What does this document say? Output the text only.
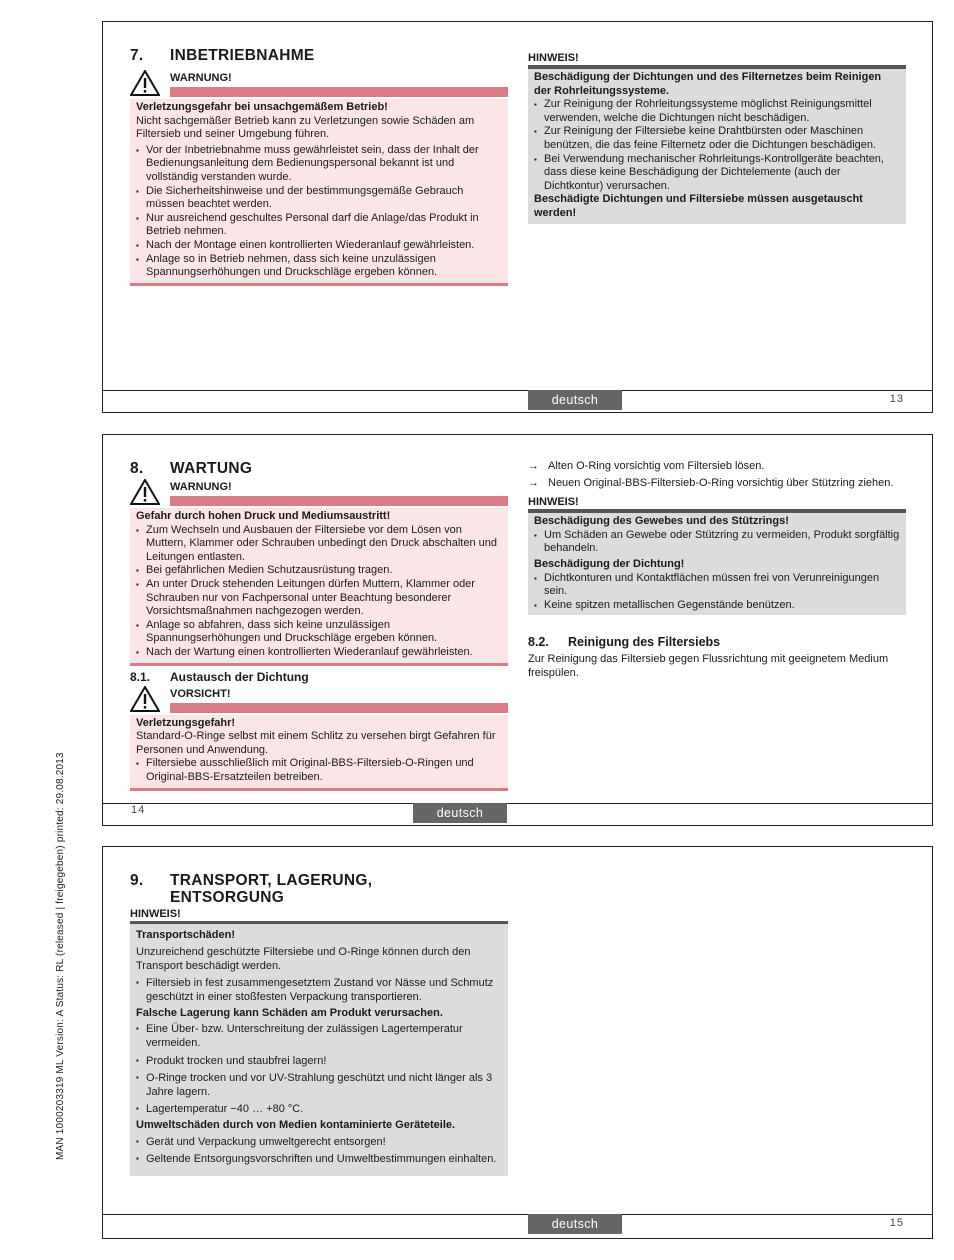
MAN 1000203319 ML Version: A Status: RL (released | freigegeben) printed: 29.08.2013
7. INBETRIEBNAHME
WARNUNG!
Verletzungsgefahr bei unsachgemäßem Betrieb!

Nicht sachgemäßer Betrieb kann zu Verletzungen sowie Schäden am Filtersieb und seiner Umgebung führen.

▪ Vor der Inbetriebnahme muss gewährleistet sein, dass der Inhalt der Bedienungsanleitung dem Bedienungspersonal bekannt ist und vollständig verstanden wurde.
▪ Die Sicherheitshinweise und der bestimmungsgemäße Gebrauch müssen beachtet werden.
▪ Nur ausreichend geschultes Personal darf die Anlage/das Produkt in Betrieb nehmen.
▪ Nach der Montage einen kontrollierten Wiederanlauf gewährleisten.
▪ Anlage so in Betrieb nehmen, dass sich keine unzulässigen Spannungserhöhungen und Druckschläge ergeben können.

HINWEIS!

Beschädigung der Dichtungen und des Filternetzes beim Reinigen der Rohrleitungssysteme.
▪ Zur Reinigung der Rohrleitungssysteme möglichst Reinigungsmittel verwenden, welche die Dichtungen nicht beschädigen.
▪ Zur Reinigung der Filtersiebe keine Drahtbürsten oder Maschinen benützen, die das feine Filternetz oder die Dichtungen beschädigen.
▪ Bei Verwendung mechanischer Rohrleitungs-Kontrollgeräte beachten, dass diese keine Beschädigung der Dichtelemente (auch der Dichtkontur) verursachen.
Beschädigte Dichtungen und Filtersiebe müssen ausgetauscht werden!
deutsch	13
8. WARTUNG
WARNUNG!
Gefahr durch hohen Druck und Mediumsaustritt!
▪ Zum Wechseln und Ausbauen der Filtersiebe vor dem Lösen von Muttern, Klammer oder Schrauben unbedingt den Druck abschalten und Leitungen entlasten.
▪ Bei gefährlichen Medien Schutzausrüstung tragen.
▪ An unter Druck stehenden Leitungen dürfen Muttern, Klammer oder Schrauben nur von Fachpersonal unter Beachtung besonderer Vorsichtsmaßnahmen nachgezogen werden.
▪ Anlage so abfahren, dass sich keine unzulässigen Spannungserhöhungen und Druckschläge ergeben können.
▪ Nach der Wartung einen kontrollierten Wiederanlauf gewährleisten.
8.1. Austausch der Dichtung
VORSICHT!
Verletzungsgefahr!

Standard-O-Ringe selbst mit einem Schlitz zu versehen birgt Gefahren für Personen und Anwendung.

▪ Filtersiebe ausschließlich mit Original-BBS-Filtersieb-O-Ringen und Original-BBS-Ersatzteilen betreiben.
→ Alten O-Ring vorsichtig vom Filtersieb lösen.
→ Neuen Original-BBS-Filtersieb-O-Ring vorsichtig über Stützring ziehen.

HINWEIS!

Beschädigung des Gewebes und des Stützrings!
▪ Um Schäden an Gewebe oder Stützring zu vermeiden, Produkt sorgfältig behandeln.
Beschädigung der Dichtung!
▪ Dichtkonturen und Kontaktflächen müssen frei von Verunreinigungen sein.
▪ Keine spitzen metallischen Gegenstände benützen.
8.2. Reinigung des Filtersiebs

Zur Reinigung das Filtersieb gegen Flussrichtung mit geeignetem Medium freispülen.

deutsch
14
9. TRANSPORT, LAGERUNG,
ENTSORGUNG

HINWEIS!

Transportschäden!

Unzureichend geschützte Filtersiebe und O-Ringe können durch den Transport beschädigt werden.

▪ Filtersieb in fest zusammengesetztem Zustand vor Nässe und Schmutz geschützt in einer stoßfesten Verpackung transportieren.
Falsche Lagerung kann Schäden am Produkt verursachen.
▪ Eine Über- bzw. Unterschreitung der zulässigen Lagertemperatur vermeiden.
▪ Produkt trocken und staubfrei lagern!
▪ O-Ringe trocken und vor UV-Strahlung geschützt und nicht länger als 3 Jahre lagern.
▪ Lagertemperatur −40 … +80 °C.
Umweltschäden durch von Medien kontaminierte Geräteteile.
▪ Gerät und Verpackung umweltgerecht entsorgen!
▪ Geltende Entsorgungsvorschriften und Umweltbestimmungen einhalten.
deutsch	15
